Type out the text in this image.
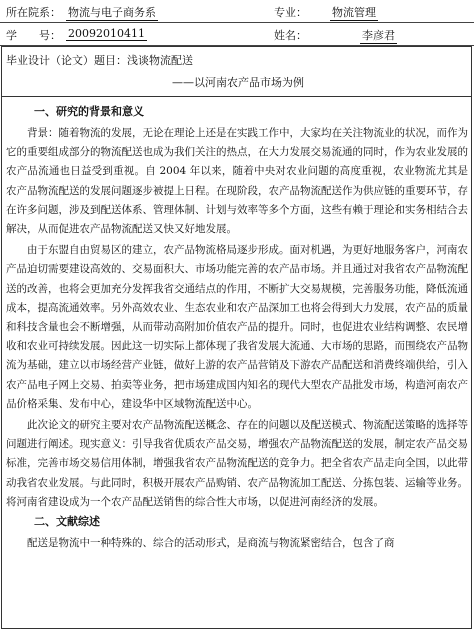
所在院系： 物流与电子商务系	专业： 物流管理
学　　号： 20092010411	姓名：	李彦君
毕业设计（论文）题目：浅谈物流配送
——以河南农产品市场为例
一、研究的背景和意义

背景：随着物流的发展，无论在理论上还是在实践工作中，大家均在关注物流业的状况，而作为它的重要组成部分的物流配送也成为我们关注的热点，在大力发展交易流通的同时，作为农业发展的农产品流通也日益受到重视。自 2004 年以来，随着中央对农业问题的高度重视，农业物流尤其是农产品物流配送的发展问题逐步被提上日程。在现阶段，农产品物流配送作为供应链的重要环节，存在许多问题，涉及到配送体系、管理体制、计划与效率等多个方面，这些有赖于理论和实务相结合去解决，从而促进农产品物流配送又快又好地发展。

由于东盟自由贸易区的建立，农产品物流格局逐步形成。面对机遇，为更好地服务客户，河南农产品迫切需要建设高效的、交易面积大、市场功能完善的农产品市场。并且通过对我省农产品物流配送的改善，也将会更加充分发挥我省交通结点的作用，不断扩大交易规模，完善服务功能，降低流通成本，提高流通效率。另外高效农业、生态农业和农产品深加工也将会得到大力发展，农产品的质量和科技含量也会不断增强，从而带动高附加价值农产品的提升。同时，也促进农业结构调整、农民增收和农业可持续发展。因此这一切实际上都体现了我省发展大流通、大市场的思路，而围绕农产品物流为基础，建立以市场经营产业链，做好上游的农产品营销及下游农产品配送和消费终端供给，引入农产品电子网上交易、拍卖等业务，把市场建成国内知名的现代大型农产品批发市场，构造河南农产品价格采集、发布中心，建设华中区域物流配送中心。

此次论文的研究主要对农产品物流配送概念、存在的问题以及配送模式、物流配送策略的选择等问题进行阐述。现实意义：引导我省优质农产品交易，增强农产品物流配送的发展，制定农产品交易标准，完善市场交易信用体制，增强我省农产品物流配送的竞争力。把全省农产品走向全国，以此带动我省农业发展。与此同时，积极开展农产品购销、农产品物流加工配送、分拣包装、运输等业务。将河南省建设成为一个农产品配送销售的综合性大市场，以促进河南经济的发展。

二、文献综述

配送是物流中一种特殊的、综合的活动形式，是商流与物流紧密结合，包含了商
